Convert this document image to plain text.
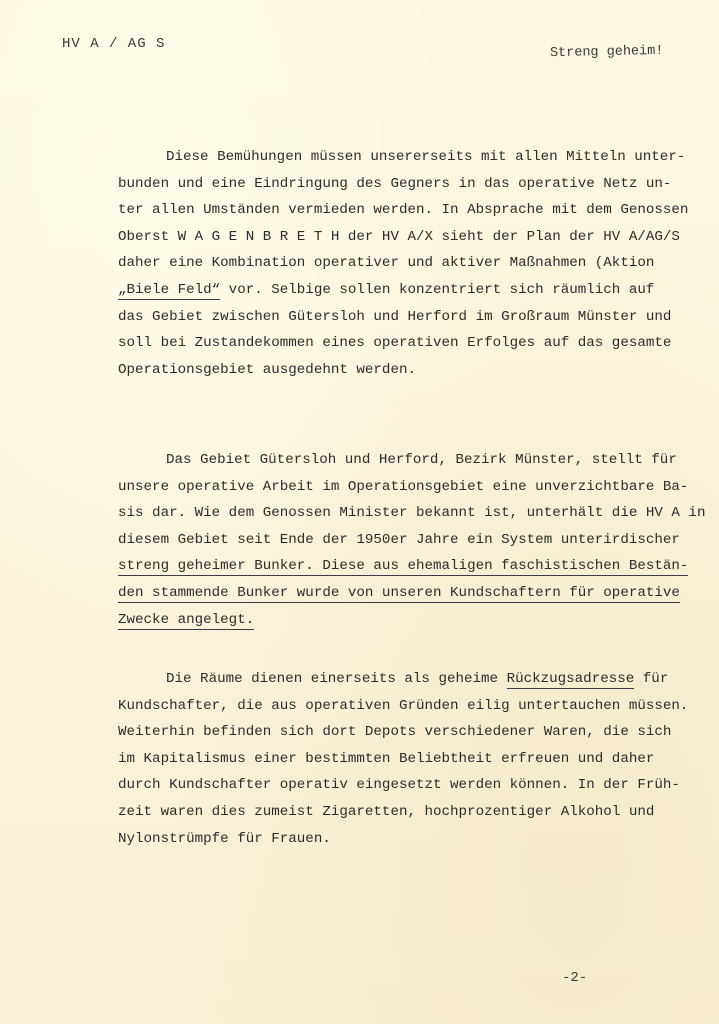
HV A / AG S	Streng geheim!
Diese Bemühungen müssen unsererseits mit allen Mitteln unter-
bunden und eine Eindringung des Gegners in das operative Netz un-
ter allen Umständen vermieden werden. In Absprache mit dem Genossen
Oberst W A G E N B R E T H der HV A/X sieht der Plan der HV A/AG/S
daher eine Kombination operativer und aktiver Maßnahmen (Aktion
„Biele Feld“ vor. Selbige sollen konzentriert sich räumlich auf
das Gebiet zwischen Gütersloh und Herford im Großraum Münster und
soll bei Zustandekommen eines operativen Erfolges auf das gesamte
Operationsgebiet ausgedehnt werden.
Das Gebiet Gütersloh und Herford, Bezirk Münster, stellt für
unsere operative Arbeit im Operationsgebiet eine unverzichtbare Ba-
sis dar. Wie dem Genossen Minister bekannt ist, unterhält die HV A in
diesem Gebiet seit Ende der 1950er Jahre ein System unterirdischer
streng geheimer Bunker. Diese aus ehemaligen faschistischen Bestän-
den stammende Bunker wurde von unseren Kundschaftern für operative
Zwecke angelegt.
Die Räume dienen einerseits als geheime Rückzugsadresse für
Kundschafter, die aus operativen Gründen eilig untertauchen müssen.
Weiterhin befinden sich dort Depots verschiedener Waren, die sich
im Kapitalismus einer bestimmten Beliebtheit erfreuen und daher
durch Kundschafter operativ eingesetzt werden können. In der Früh-
zeit waren dies zumeist Zigaretten, hochprozentiger Alkohol und
Nylonstrümpfe für Frauen.
-2-
